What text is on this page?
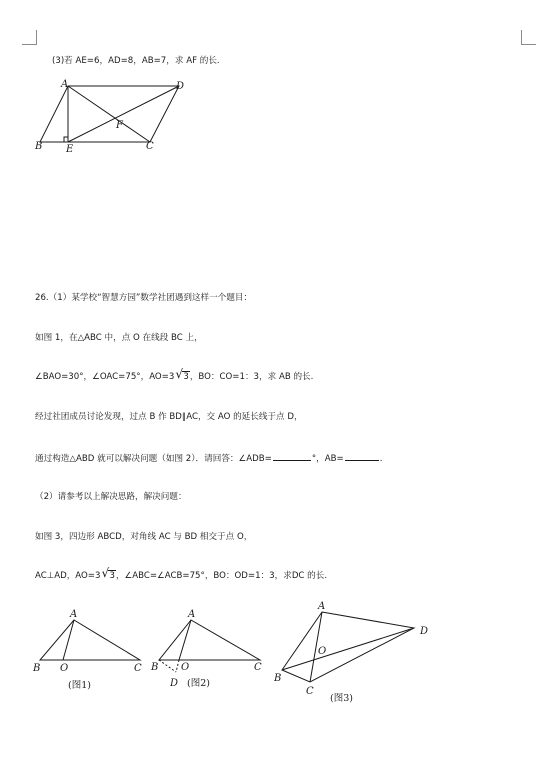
(3)若 AE=6，AD=8，AB=7，求 AF 的长.
A	D
B E	C
F
26.（1）某学校“智慧方园”数学社团遇到这样一个题目：
如图 1，在△ABC 中，点 O 在线段 BC 上，
∠BAO=30°，∠OAC=75°，AO=3 √ 3，BO：CO=1：3，求 AB 的长.
经过社团成员讨论发现，过点 B 作 BD∥AC，交 AO 的延长线于点 D，
通过构造△ABD 就可以解决问题（如图 2）．请回答：∠ADB=	°，AB=	.
（2）请参考以上解决思路，解决问题：
如图 3，四边形 ABCD，对角线 AC 与 BD 相交于点 O，
AC⊥AD，AO=3 √ 3，∠ABC=∠ACB=75°，BO：OD=1：3，求DC 的长.
A
B O	C
(图1)
A
B O	C
D (图2)
A
D
O
B
C
(图3)
